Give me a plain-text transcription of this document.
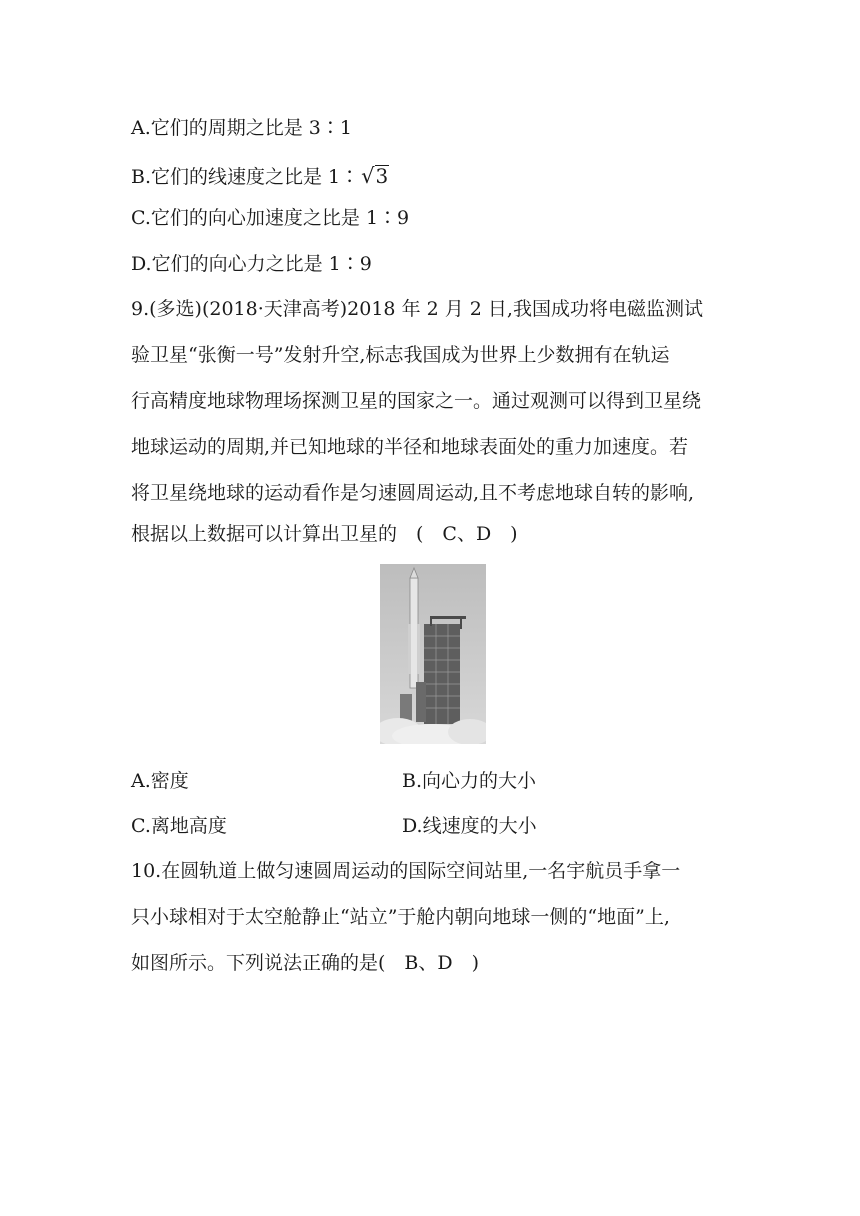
A.它们的周期之比是 3∶1
B.它们的线速度之比是 1∶√3
C.它们的向心加速度之比是 1∶9
D.它们的向心力之比是 1∶9
9.(多选)(2018·天津高考)2018 年 2 月 2 日,我国成功将电磁监测试
验卫星“张衡一号”发射升空,标志我国成为世界上少数拥有在轨运
行高精度地球物理场探测卫星的国家之一。通过观测可以得到卫星绕
地球运动的周期,并已知地球的半径和地球表面处的重力加速度。若
将卫星绕地球的运动看作是匀速圆周运动,且不考虑地球自转的影响,
根据以上数据可以计算出卫星的　(　C、D　)
A.密度	B.向心力的大小
C.离地高度	D.线速度的大小
10.在圆轨道上做匀速圆周运动的国际空间站里,一名宇航员手拿一
只小球相对于太空舱静止“站立”于舱内朝向地球一侧的“地面”上,
如图所示。下列说法正确的是(　B、D　)
